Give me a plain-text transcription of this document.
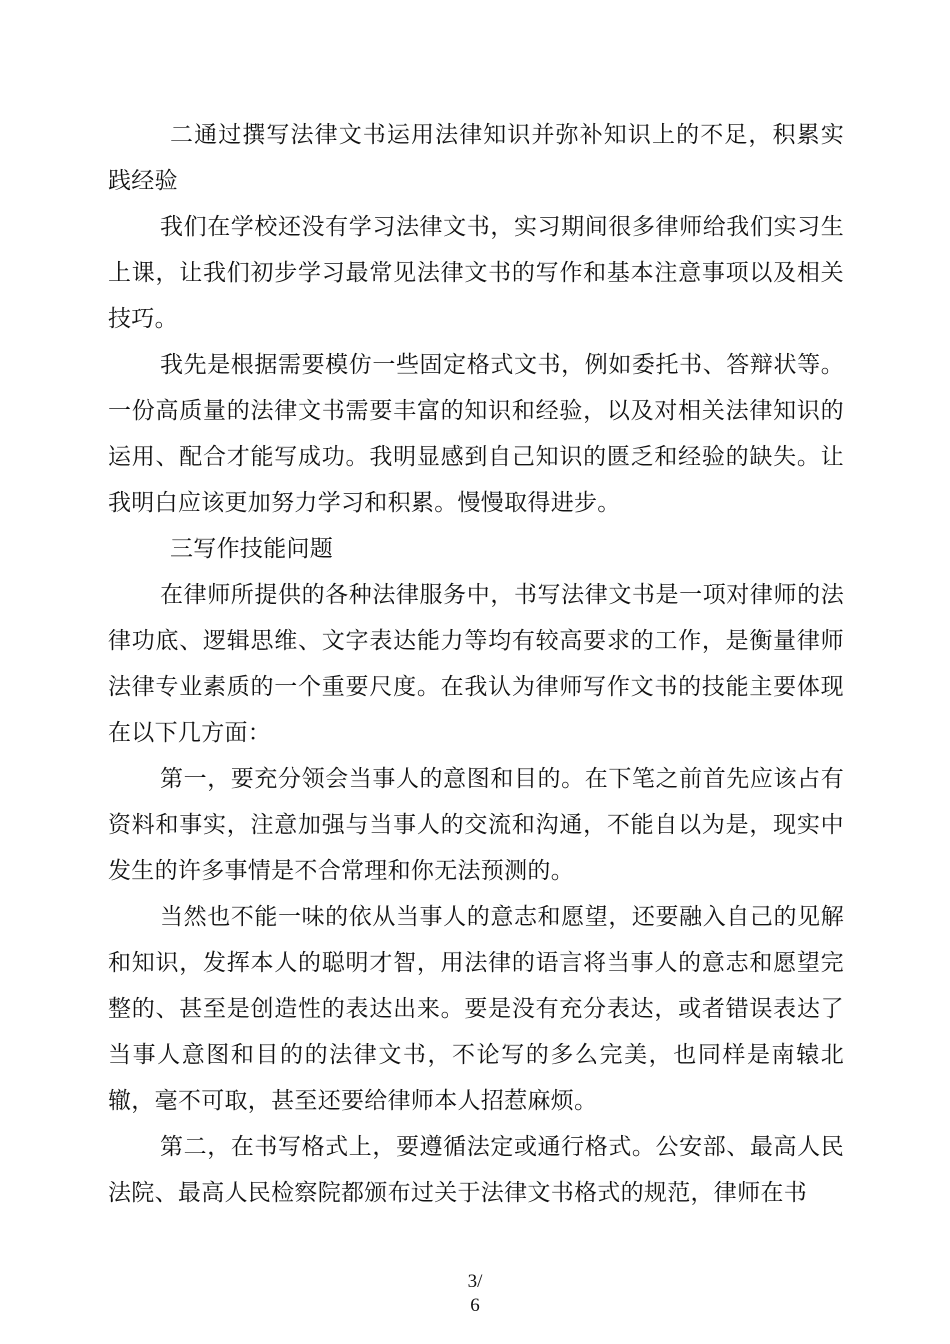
二通过撰写法律文书运用法律知识并弥补知识上的不足，积累实践经验

我们在学校还没有学习法律文书，实习期间很多律师给我们实习生上课，让我们初步学习最常见法律文书的写作和基本注意事项以及相关技巧。

我先是根据需要模仿一些固定格式文书，例如委托书、答辩状等。一份高质量的法律文书需要丰富的知识和经验，以及对相关法律知识的运用、配合才能写成功。我明显感到自己知识的匮乏和经验的缺失。让我明白应该更加努力学习和积累。慢慢取得进步。

三写作技能问题

在律师所提供的各种法律服务中，书写法律文书是一项对律师的法律功底、逻辑思维、文字表达能力等均有较高要求的工作，是衡量律师法律专业素质的一个重要尺度。在我认为律师写作文书的技能主要体现在以下几方面：

第一，要充分领会当事人的意图和目的。在下笔之前首先应该占有资料和事实，注意加强与当事人的交流和沟通，不能自以为是，现实中发生的许多事情是不合常理和你无法预测的。

当然也不能一味的依从当事人的意志和愿望，还要融入自己的见解和知识，发挥本人的聪明才智，用法律的语言将当事人的意志和愿望完整的、甚至是创造性的表达出来。要是没有充分表达，或者错误表达了当事人意图和目的的法律文书，不论写的多么完美，也同样是南辕北辙，毫不可取，甚至还要给律师本人招惹麻烦。

第二，在书写格式上，要遵循法定或通行格式。公安部、最高人民法院、最高人民检察院都颁布过关于法律文书格式的规范，律师在书

3/
6
